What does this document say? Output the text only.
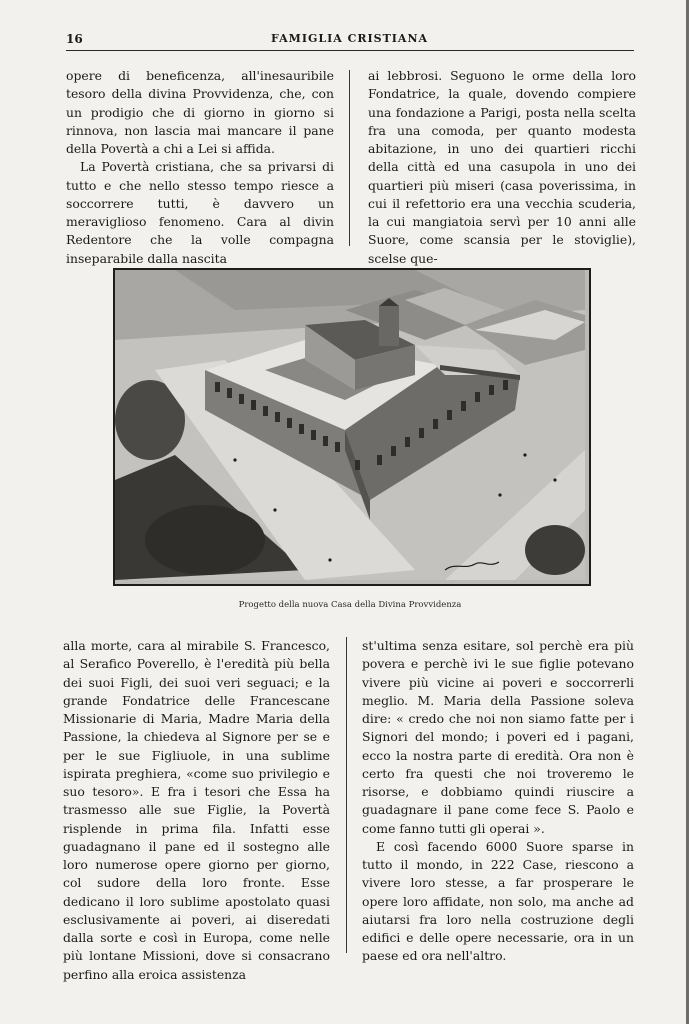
16	FAMIGLIA CRISTIANA

opere di beneficenza, all'inesauribile tesoro della divina Provvidenza, che, con un prodigio che di giorno in giorno si rinnova, non lascia mai mancare il pane della Povertà a chi a Lei si affida.

La Povertà cristiana, che sa privarsi di tutto e che nello stesso tempo riesce a soccorrere tutti, è davvero un meraviglioso fenomeno. Cara al divin Redentore che la volle compagna inseparabile dalla nascita

ai lebbrosi. Seguono le orme della loro Fondatrice, la quale, dovendo compiere una fondazione a Parigi, posta nella scelta fra una comoda, per quanto modesta abitazione, in uno dei quartieri ricchi della città ed una casupola in uno dei quartieri più miseri (casa poverissima, in cui il refettorio era una vecchia scuderia, la cui mangiatoia servì per 10 anni alle Suore, come scansia per le stoviglie), scelse que-

Progetto della nuova Casa della Divina Provvidenza

alla morte, cara al mirabile S. Francesco, al Serafico Poverello, è l'eredità più bella dei suoi Figli, dei suoi veri seguaci; e la grande Fondatrice delle Francescane Missionarie di Maria, Madre Maria della Passione, la chiedeva al Signore per se e per le sue Figliuole, in una sublime ispirata preghiera, «come suo privilegio e suo tesoro». E fra i tesori che Essa ha trasmesso alle sue Figlie, la Povertà risplende in prima fila. Infatti esse guadagnano il pane ed il sostegno alle loro numerose opere giorno per giorno, col sudore della loro fronte. Esse dedicano il loro sublime apostolato quasi esclusivamente ai poveri, ai diseredati dalla sorte e così in Europa, come nelle più lontane Missioni, dove si consacrano perfino alla eroica assistenza

st'ultima senza esitare, sol perchè era più povera e perchè ivi le sue figlie potevano vivere più vicine ai poveri e soccorrerli meglio. M. Maria della Passione soleva dire: « credo che noi non siamo fatte per i Signori del mondo; i poveri ed i pagani, ecco la nostra parte di eredità. Ora non è certo fra questi che noi troveremo le risorse, e dobbiamo quindi riuscire a guadagnare il pane come fece S. Paolo e come fanno tutti gli operai ».

E così facendo 6000 Suore sparse in tutto il mondo, in 222 Case, riescono a vivere loro stesse, a far prosperare le opere loro affidate, non solo, ma anche ad aiutarsi fra loro nella costruzione degli edifici e delle opere necessarie, ora in un paese ed ora nell'altro.
